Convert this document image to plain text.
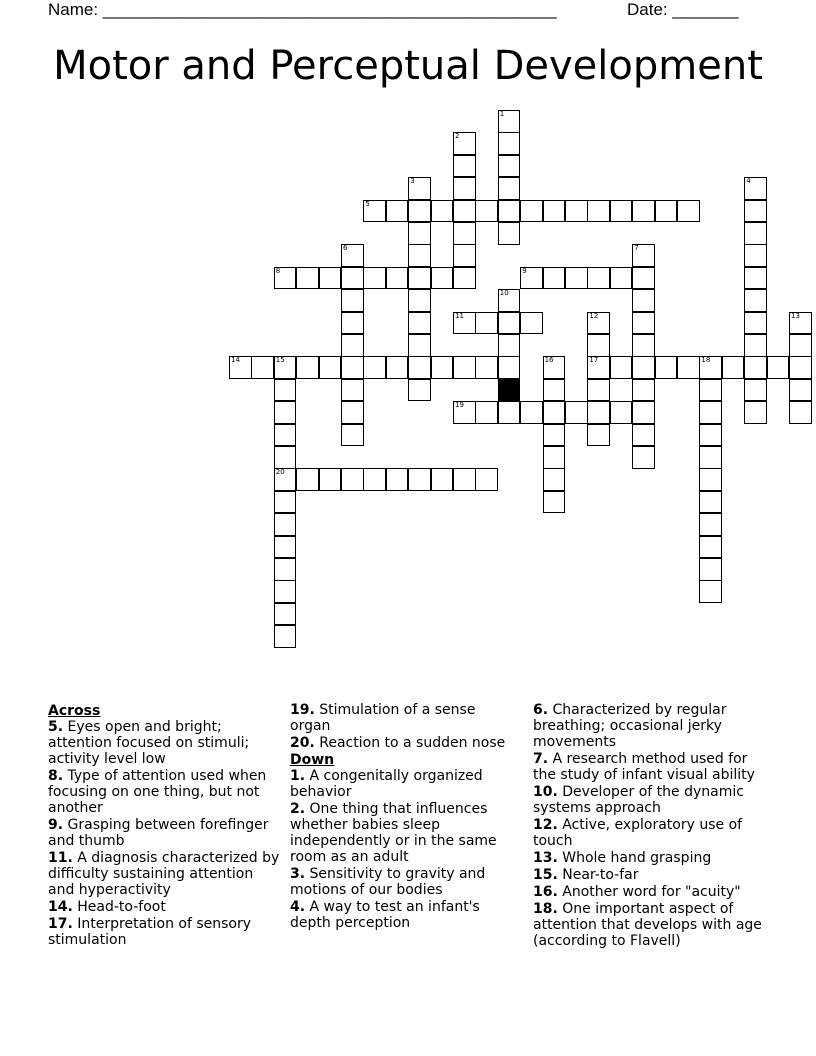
Name: ________________________________________________	Date: _______
Motor and Perceptual Development
1
2
3	4
5
6	7
8	9
10
11	12
17
13
14	15
20
16	18
19
Across
5. Eyes open and bright; attention focused on stimuli; activity level low
8. Type of attention used when focusing on one thing, but not another
9. Grasping between forefinger and thumb
11. A diagnosis characterized by difficulty sustaining attention and hyperactivity
14. Head-to-foot
17. Interpretation of sensory stimulation
19. Stimulation of a sense organ
20. Reaction to a sudden nose
Down
1. A congenitally organized behavior
2. One thing that influences whether babies sleep independently or in the same room as an adult
3. Sensitivity to gravity and motions of our bodies
4. A way to test an infant's depth perception
6. Characterized by regular breathing; occasional jerky movements
7. A research method used for the study of infant visual ability
10. Developer of the dynamic systems approach
12. Active, exploratory use of touch
13. Whole hand grasping
15. Near-to-far
16. Another word for "acuity"
18. One important aspect of attention that develops with age (according to Flavell)
